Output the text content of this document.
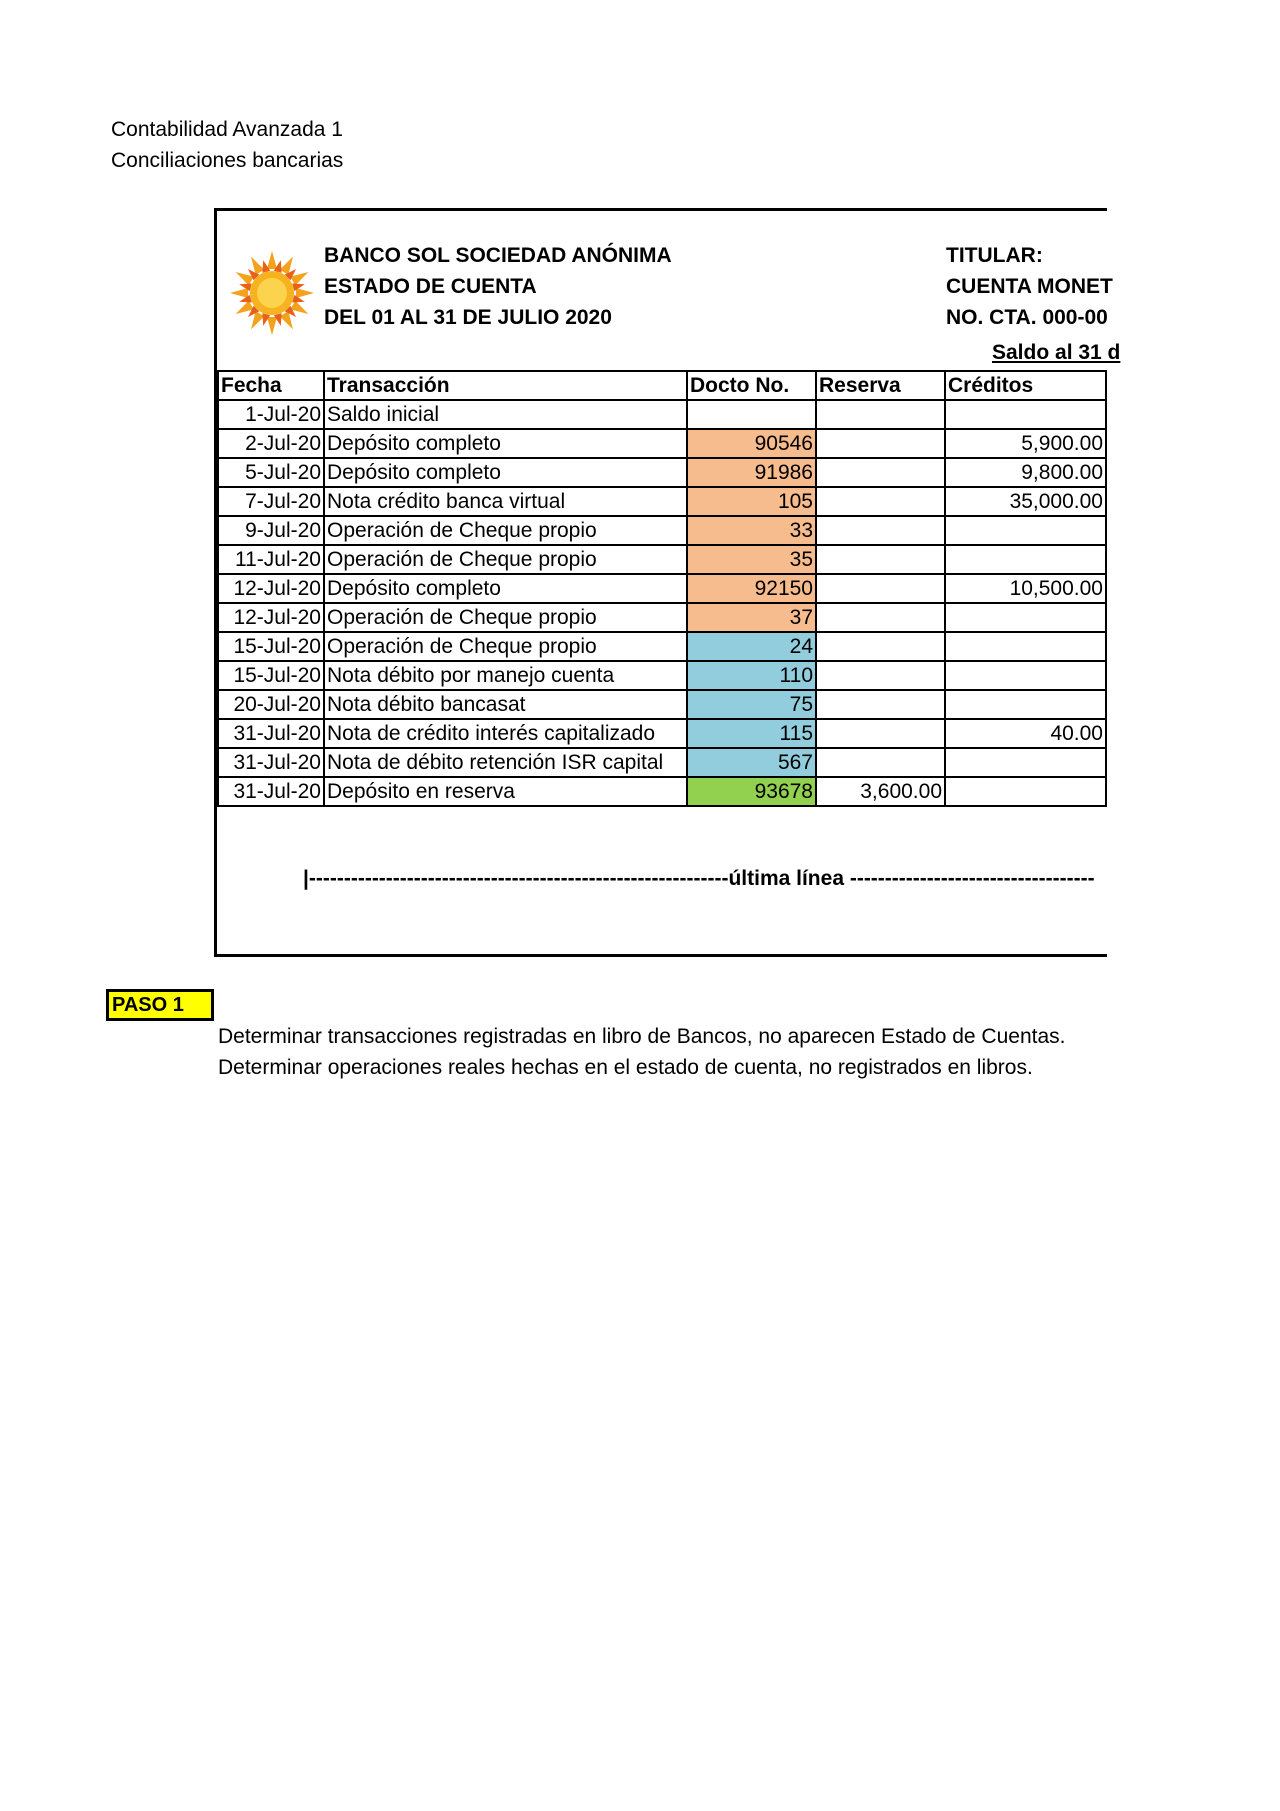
Contabilidad Avanzada 1
Conciliaciones bancarias
BANCO SOL SOCIEDAD ANÓNIMA
ESTADO DE CUENTA
DEL 01 AL 31 DE JULIO 2020
TITULAR:
CUENTA MONET
NO. CTA. 000-00
Saldo al 31 d
Fecha	Transacción	Docto No.	Reserva	Créditos
1-Jul-20	Saldo inicial			
2-Jul-20	Depósito completo	90546		5,900.00
5-Jul-20	Depósito completo	91986		9,800.00
7-Jul-20	Nota crédito banca virtual	105		35,000.00
9-Jul-20	Operación de Cheque propio	33		
11-Jul-20	Operación de Cheque propio	35		
12-Jul-20	Depósito completo	92150		10,500.00
12-Jul-20	Operación de Cheque propio	37		
15-Jul-20	Operación de Cheque propio	24		
15-Jul-20	Nota débito por manejo cuenta	110		
20-Jul-20	Nota débito bancasat	75		
31-Jul-20	Nota de crédito interés capitalizado	115		40.00
31-Jul-20	Nota de débito retención ISR capital	567		
31-Jul-20	Depósito en reserva	93678	3,600.00	
|------------------------------------------------------------última línea -----------------------------------
PASO 1
Determinar transacciones registradas en libro de Bancos, no aparecen Estado de Cuentas.
Determinar operaciones reales hechas en el estado de cuenta, no registrados en libros.
